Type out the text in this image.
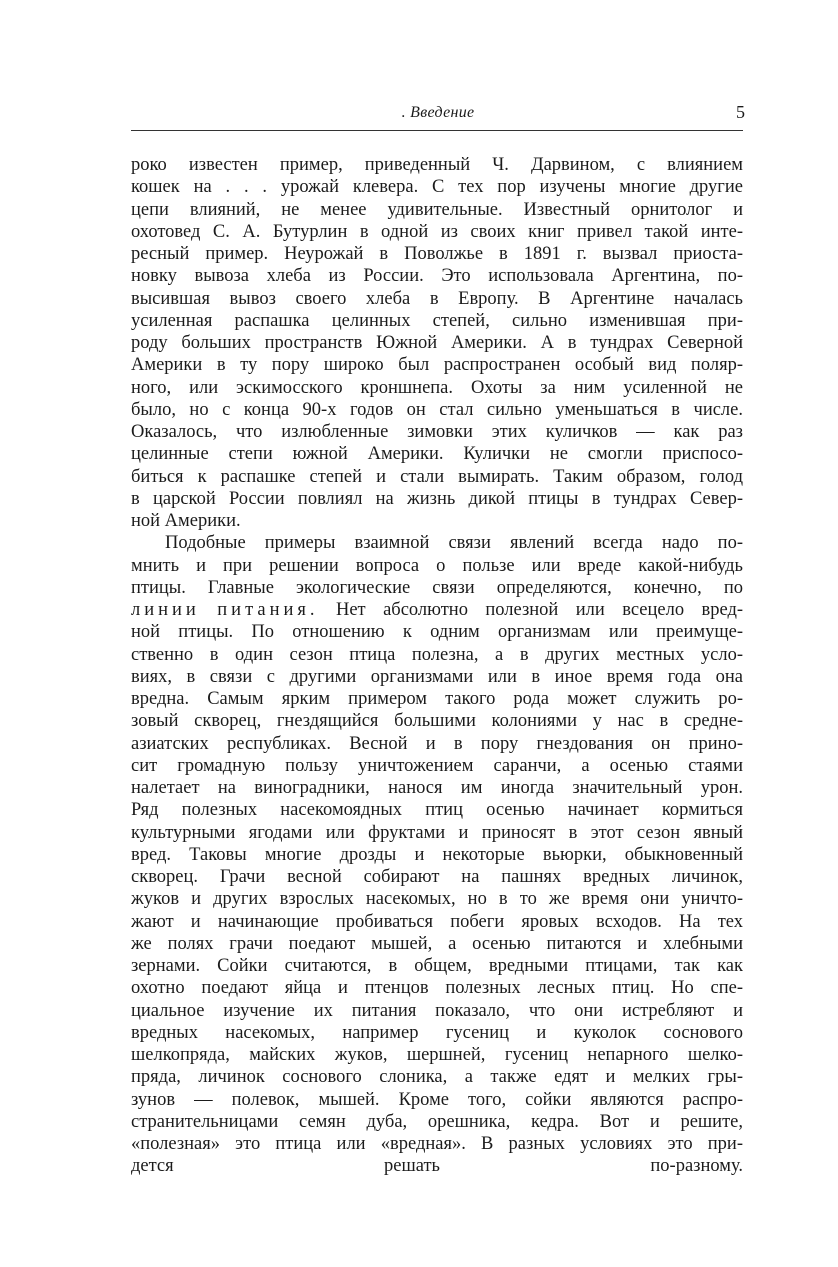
. Введение	5
роко известен пример, приведенный Ч. Дарвином, с влиянием
кошек на . . . урожай клевера. С тех пор изучены многие другие
цепи влияний, не менее удивительные. Известный орнитолог и
охотовед С. А. Бутурлин в одной из своих книг привел такой инте-
ресный пример. Неурожай в Поволжье в 1891 г. вызвал приоста-
новку вывоза хлеба из России. Это использовала Аргентина, по-
высившая вывоз своего хлеба в Европу. В Аргентине началась
усиленная распашка целинных степей, сильно изменившая при-
роду больших пространств Южной Америки. А в тундрах Северной
Америки в ту пору широко был распространен особый вид поляр-
ного, или эскимосского кроншнепа. Охоты за ним усиленной не
было, но с конца 90-х годов он стал сильно уменьшаться в числе.
Оказалось, что излюбленные зимовки этих куличков — как раз
целинные степи южной Америки. Кулички не смогли приспосо-
биться к распашке степей и стали вымирать. Таким образом, голод
в царской России повлиял на жизнь дикой птицы в тундрах Север-
ной Америки.
Подобные примеры взаимной связи явлений всегда надо по-
мнить и при решении вопроса о пользе или вреде какой-нибудь
птицы. Главные экологические связи определяются, конечно, по
линии питания. Нет абсолютно полезной или всецело вред-
ной птицы. По отношению к одним организмам или преимуще-
ственно в один сезон птица полезна, а в других местных усло-
виях, в связи с другими организмами или в иное время года она
вредна. Самым ярким примером такого рода может служить ро-
зовый скворец, гнездящийся большими колониями у нас в средне-
азиатских республиках. Весной и в пору гнездования он прино-
сит громадную пользу уничтожением саранчи, а осенью стаями
налетает на виноградники, нанося им иногда значительный урон.
Ряд полезных насекомоядных птиц осенью начинает кормиться
культурными ягодами или фруктами и приносят в этот сезон явный
вред. Таковы многие дрозды и некоторые вьюрки, обыкновенный
скворец. Грачи весной собирают на пашнях вредных личинок,
жуков и других взрослых насекомых, но в то же время они уничто-
жают и начинающие пробиваться побеги яровых всходов. На тех
же полях грачи поедают мышей, а осенью питаются и хлебными
зернами. Сойки считаются, в общем, вредными птицами, так как
охотно поедают яйца и птенцов полезных лесных птиц. Но спе-
циальное изучение их питания показало, что они истребляют и
вредных насекомых, например гусениц и куколок соснового
шелкопряда, майских жуков, шершней, гусениц непарного шелко-
пряда, личинок соснового слоника, а также едят и мелких гры-
зунов — полевок, мышей. Кроме того, сойки являются распро-
странительницами семян дуба, орешника, кедра. Вот и решите,
«полезная» это птица или «вредная». В разных условиях это при-
дется решать по-разному.
